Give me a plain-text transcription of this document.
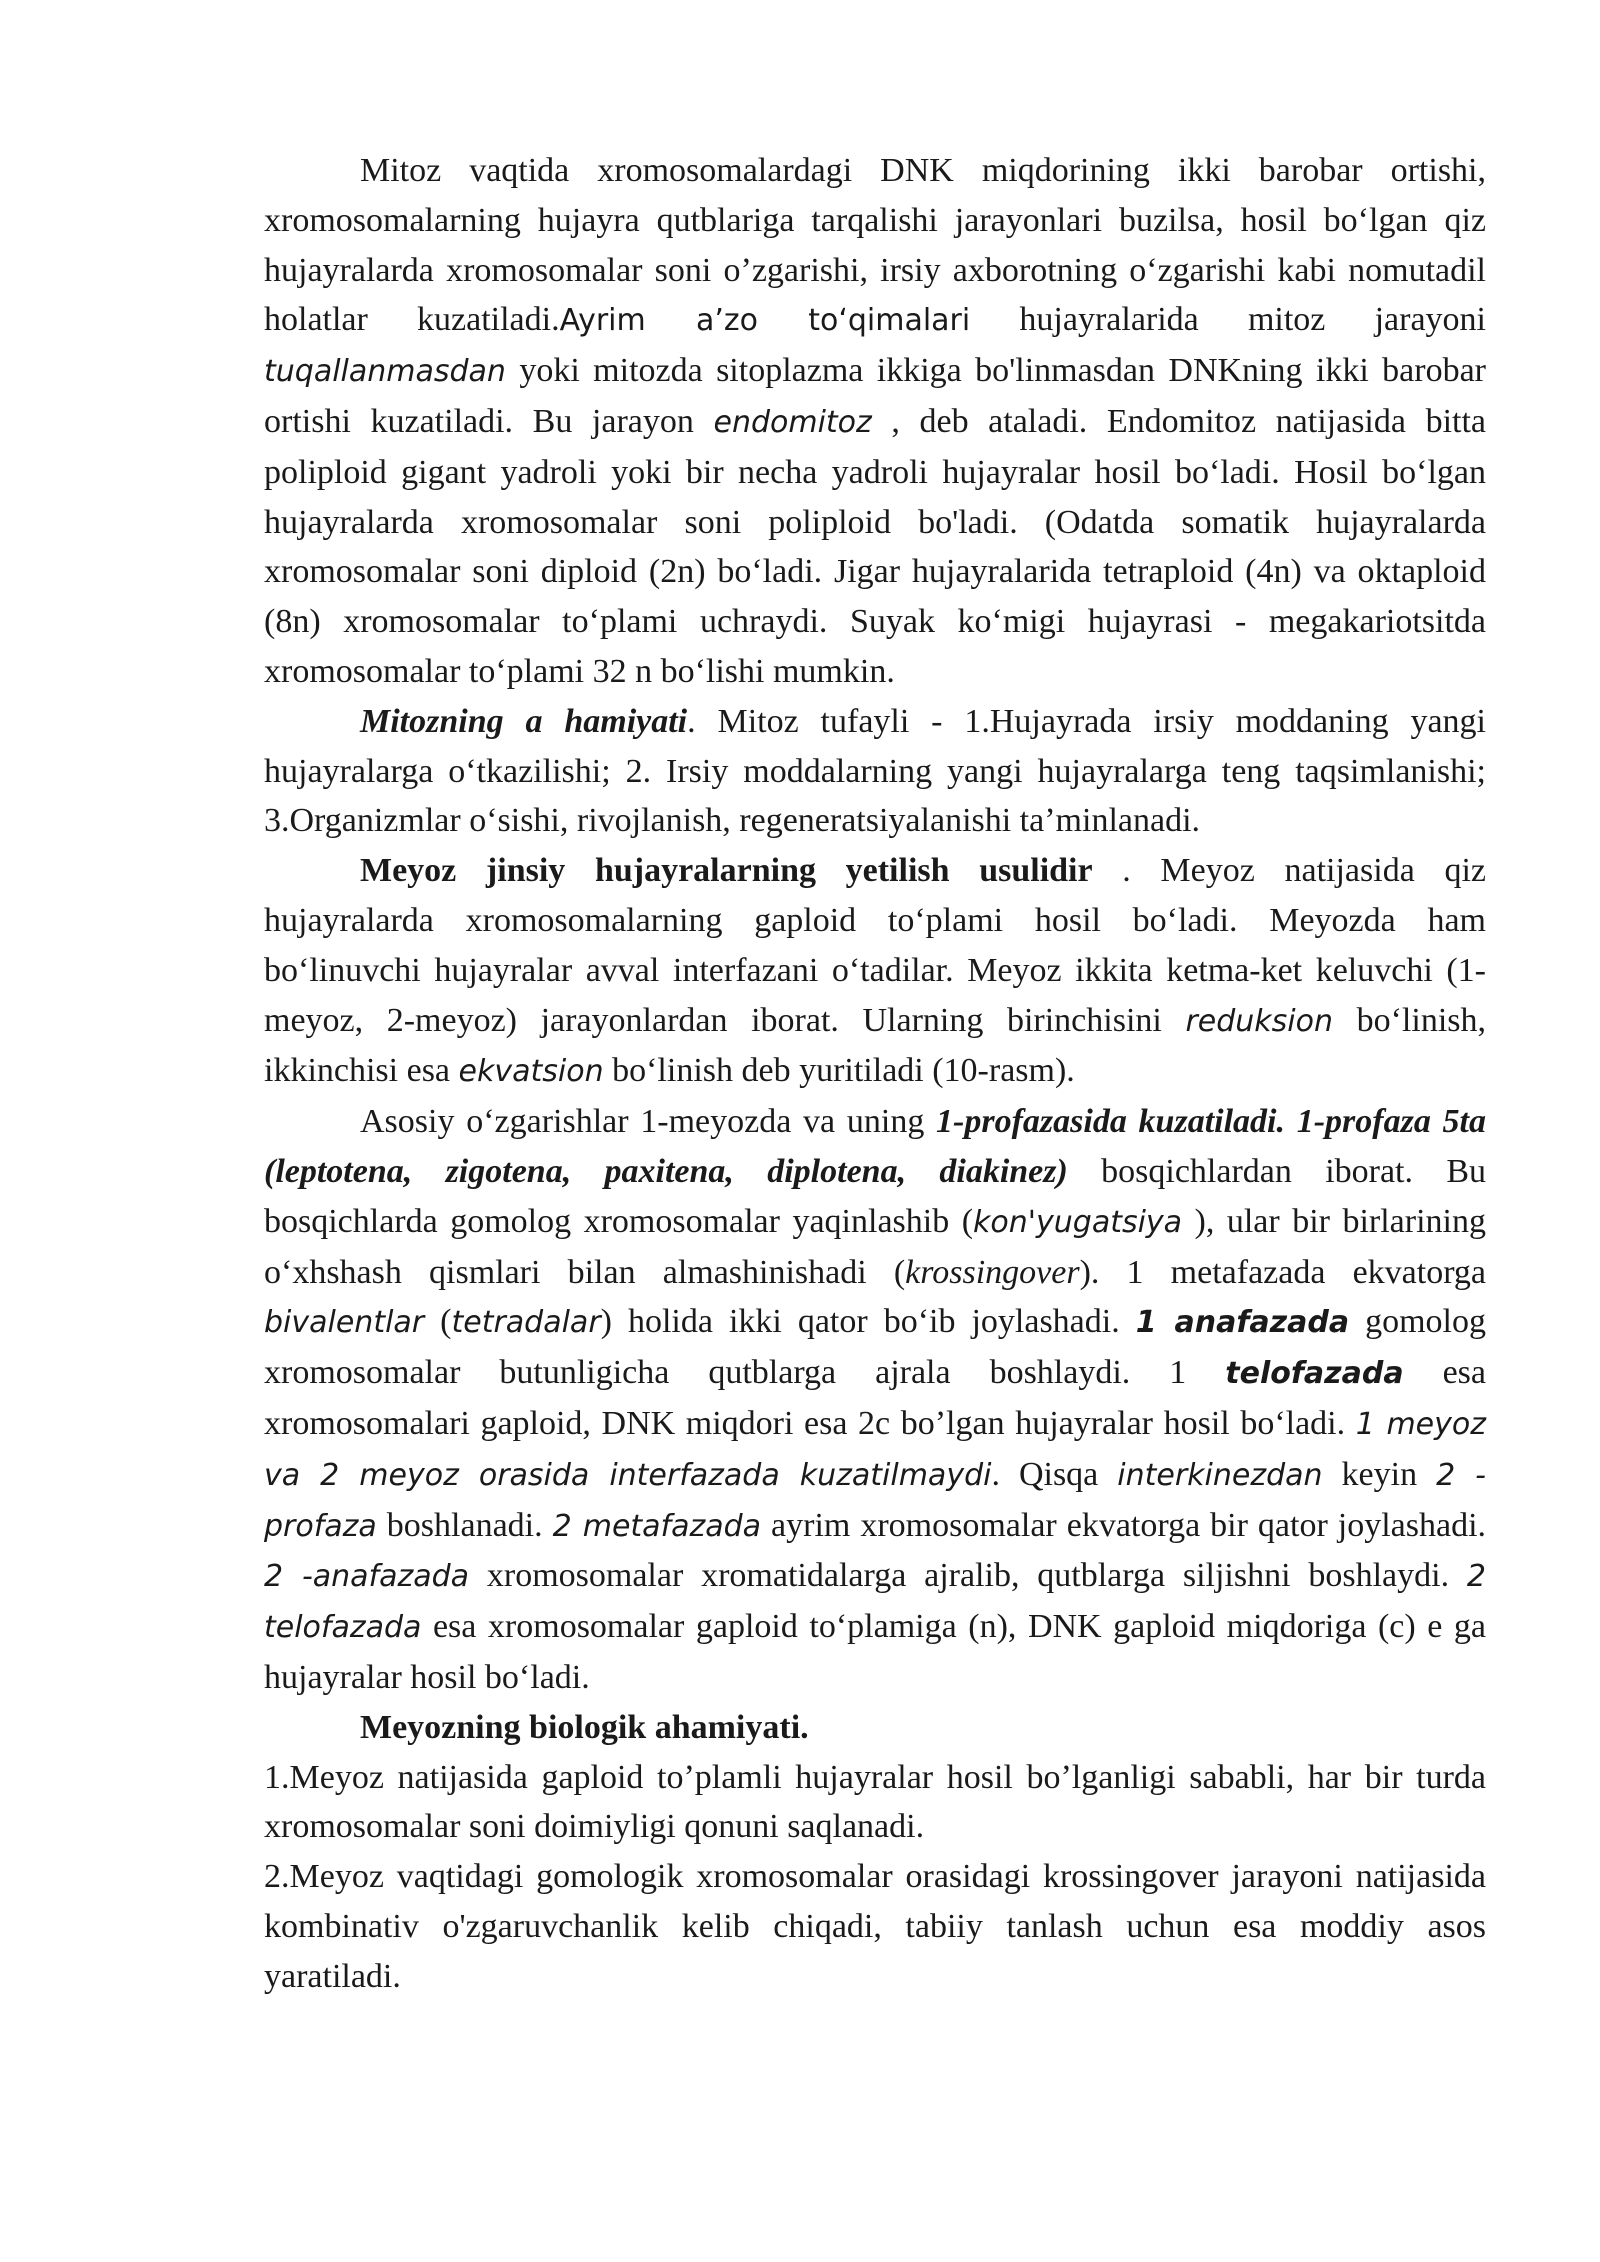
Mitoz vaqtida xromosomalardagi DNK miqdorining ikki barobar ortishi, xromosomalarning hujayra qutblariga tarqalishi jarayonlari buzilsa, hosil boʻlgan qiz hujayralarda xromosomalar soni oʼzgarishi, irsiy axborotning oʻzgarishi kabi nomutadil holatlar kuzatiladi.Ayrim aʼzo toʻqimalari hujayralarida mitoz jarayoni tuqallanmasdan yoki mitozda sitoplazma ikkiga bo'linmasdan DNKning ikki barobar ortishi kuzatiladi. Bu jarayon endomitoz , deb ataladi. Endomitoz natijasida bitta poliploid gigant yadroli yoki bir necha yadroli hujayralar hosil boʻladi. Hosil boʻlgan hujayralarda xromosomalar soni poliploid bo'ladi. (Odatda somatik hujayralarda xromosomalar soni diploid (2n) boʻladi. Jigar hujayralarida tetraploid (4n) va oktaploid (8n) xromosomalar toʻplami uchraydi. Suyak koʻmigi hujayrasi - megakariotsitda xromosomalar toʻplami 32 n boʻlishi mumkin.

Mitozning a hamiyati. Mitoz tufayli - 1.Hujayrada irsiy moddaning yangi hujayralarga oʻtkazilishi; 2. Irsiy moddalarning yangi hujayralarga teng taqsimlanishi; 3.Organizmlar oʻsishi, rivojlanish, regeneratsiyalanishi taʼminlanadi.

Meyoz jinsiy hujayralarning yetilish usulidir . Meyoz natijasida qiz hujayralarda xromosomalarning gaploid toʻplami hosil boʻladi. Meyozda ham boʻlinuvchi hujayralar avval interfazani oʻtadilar. Meyoz ikkita ketma-ket keluvchi (1-meyoz, 2-meyoz) jarayonlardan iborat. Ularning birinchisini reduksion boʻlinish, ikkinchisi esa ekvatsion boʻlinish deb yuritiladi (10-rasm).

Asosiy oʻzgarishlar 1-meyozda va uning 1-profazasida kuzatiladi. 1-profaza 5ta (leptotena, zigotena, paxitena, diplotena, diakinez) bosqichlardan iborat. Bu bosqichlarda gomolog xromosomalar yaqinlashib (kon'yugatsiya ), ular bir birlarining oʻxhshash qismlari bilan almashinishadi (krossingover). 1 metafazada ekvatorga bivalentlar (tetradalar) holida ikki qator boʻib joylashadi. 1 anafazada gomolog xromosomalar butunligicha qutblarga ajrala boshlaydi. 1 telofazada esa xromosomalari gaploid, DNK miqdori esa 2c boʼlgan hujayralar hosil boʻladi. 1 meyoz va 2 meyoz orasida interfazada kuzatilmaydi. Qisqa interkinezdan keyin 2 - profaza boshlanadi. 2 metafazada ayrim xromosomalar ekvatorga bir qator joylashadi. 2 -anafazada xromosomalar xromatidalarga ajralib, qutblarga siljishni boshlaydi. 2 telofazada esa xromosomalar gaploid toʻplamiga (n), DNK gaploid miqdoriga (c) e ga hujayralar hosil boʻladi.

Meyozning biologik ahamiyati.

1.Meyoz natijasida gaploid toʼplamli hujayralar hosil boʼlganligi sababli, har bir turda xromosomalar soni doimiyligi qonuni saqlanadi.

2.Meyoz vaqtidagi gomologik xromosomalar orasidagi krossingover jarayoni natijasida kombinativ o'zgaruvchanlik kelib chiqadi, tabiiy tanlash uchun esa moddiy asos yaratiladi.
